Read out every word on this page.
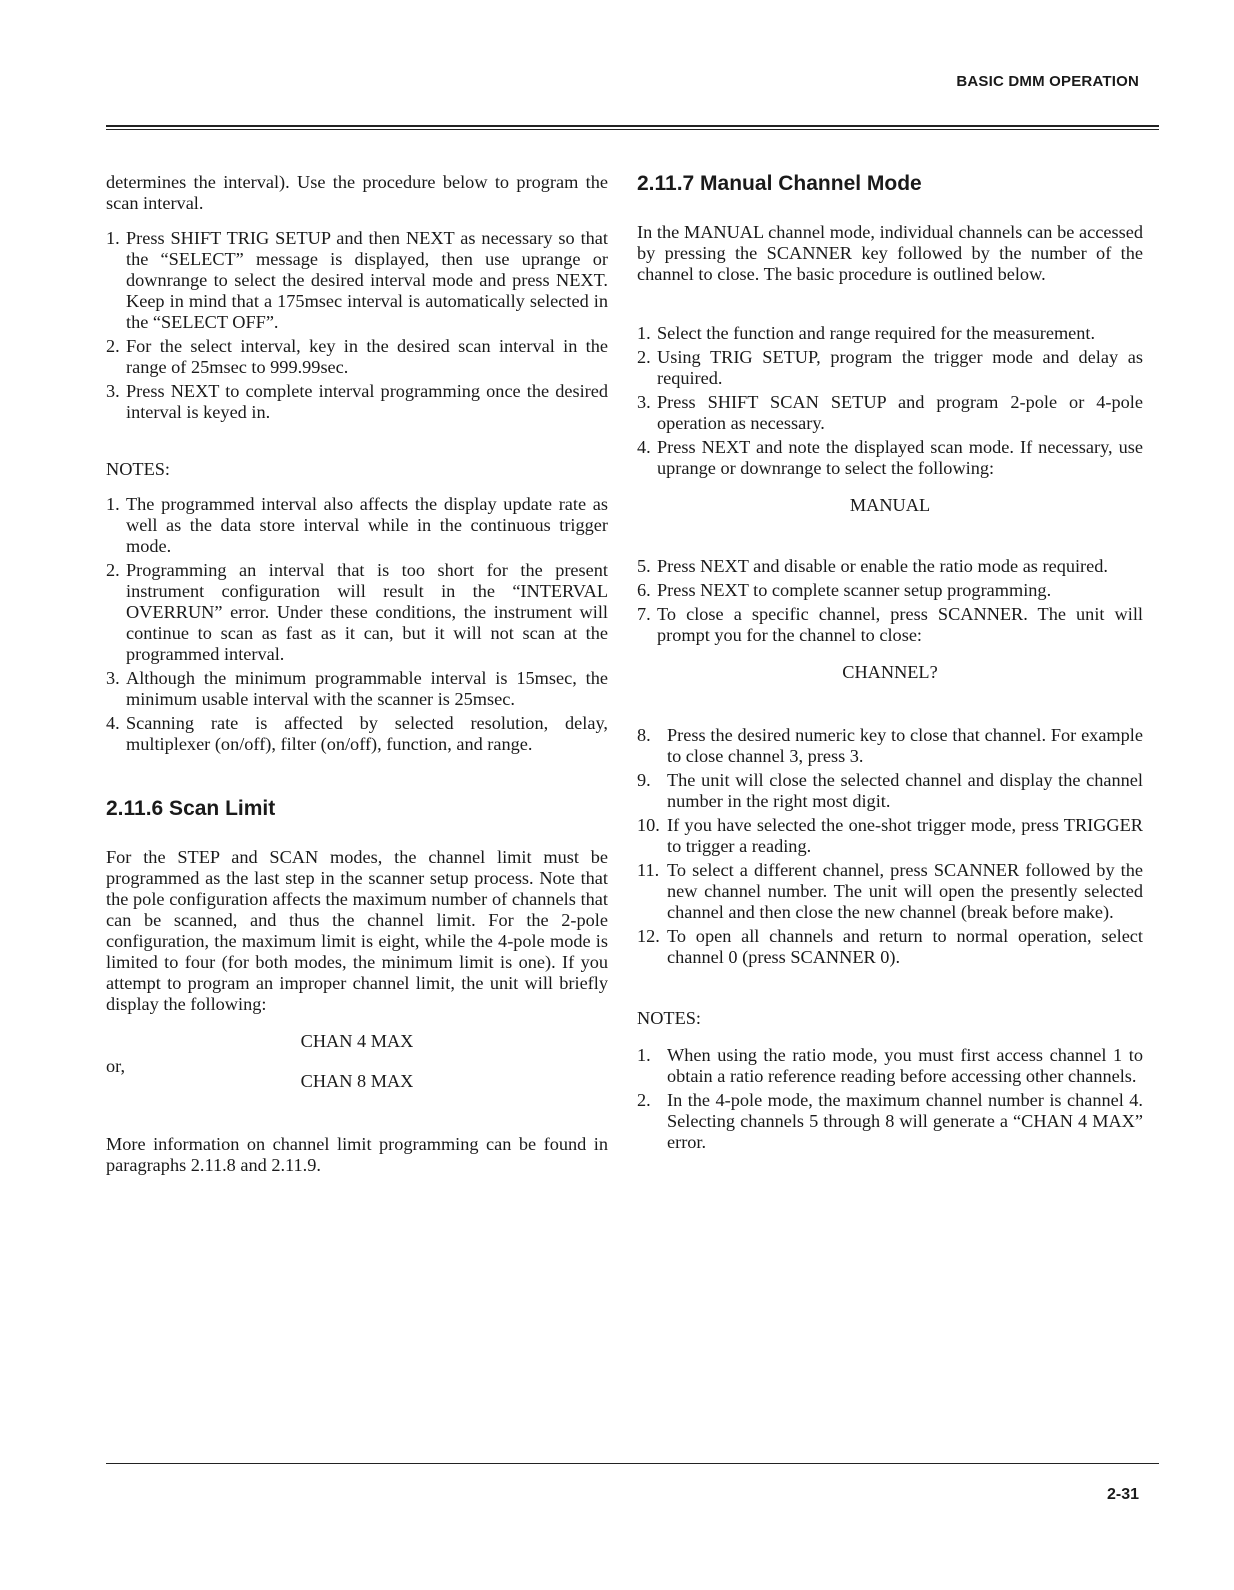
BASIC DMM OPERATION

determines the interval). Use the procedure below to program the scan interval.

1. Press SHIFT TRIG SETUP and then NEXT as necessary so that the “SELECT” message is displayed, then use uprange or downrange to select the desired interval mode and press NEXT. Keep in mind that a 175msec interval is automatically selected in the “SELECT OFF”.
2. For the select interval, key in the desired scan interval in the range of 25msec to 999.99sec.
3. Press NEXT to complete interval programming once the desired interval is keyed in.

NOTES:

1. The programmed interval also affects the display update rate as well as the data store interval while in the continuous trigger mode.
2. Programming an interval that is too short for the present instrument configuration will result in the “INTERVAL OVERRUN” error. Under these conditions, the instrument will continue to scan as fast as it can, but it will not scan at the programmed interval.
3. Although the minimum programmable interval is 15msec, the minimum usable interval with the scanner is 25msec.
4. Scanning rate is affected by selected resolution, delay, multiplexer (on/off), filter (on/off), function, and range.
2.11.6 Scan Limit

For the STEP and SCAN modes, the channel limit must be programmed as the last step in the scanner setup process. Note that the pole configuration affects the maximum number of channels that can be scanned, and thus the channel limit. For the 2-pole configuration, the maximum limit is eight, while the 4-pole mode is limited to four (for both modes, the minimum limit is one). If you attempt to program an improper channel limit, the unit will briefly display the following:

CHAN 4 MAX
or,
CHAN 8 MAX

More information on channel limit programming can be found in paragraphs 2.11.8 and 2.11.9.

2.11.7 Manual Channel Mode

In the MANUAL channel mode, individual channels can be accessed by pressing the SCANNER key followed by the number of the channel to close. The basic procedure is outlined below.

1. Select the function and range required for the measurement.
2. Using TRIG SETUP, program the trigger mode and delay as required.
3. Press SHIFT SCAN SETUP and program 2-pole or 4-pole operation as necessary.
4. Press NEXT and note the displayed scan mode. If necessary, use uprange or downrange to select the following:
MANUAL
5. Press NEXT and disable or enable the ratio mode as required.
6. Press NEXT to complete scanner setup programming.
7. To close a specific channel, press SCANNER. The unit will prompt you for the channel to close:
CHANNEL?
8. Press the desired numeric key to close that channel. For example to close channel 3, press 3.
9. The unit will close the selected channel and display the channel number in the right most digit.
10. If you have selected the one-shot trigger mode, press TRIGGER to trigger a reading.
11. To select a different channel, press SCANNER followed by the new channel number. The unit will open the presently selected channel and then close the new channel (break before make).
12. To open all channels and return to normal operation, select channel 0 (press SCANNER 0).

NOTES:

1. When using the ratio mode, you must first access channel 1 to obtain a ratio reference reading before accessing other channels.
2. In the 4-pole mode, the maximum channel number is channel 4. Selecting channels 5 through 8 will generate a “CHAN 4 MAX” error.
2-31
